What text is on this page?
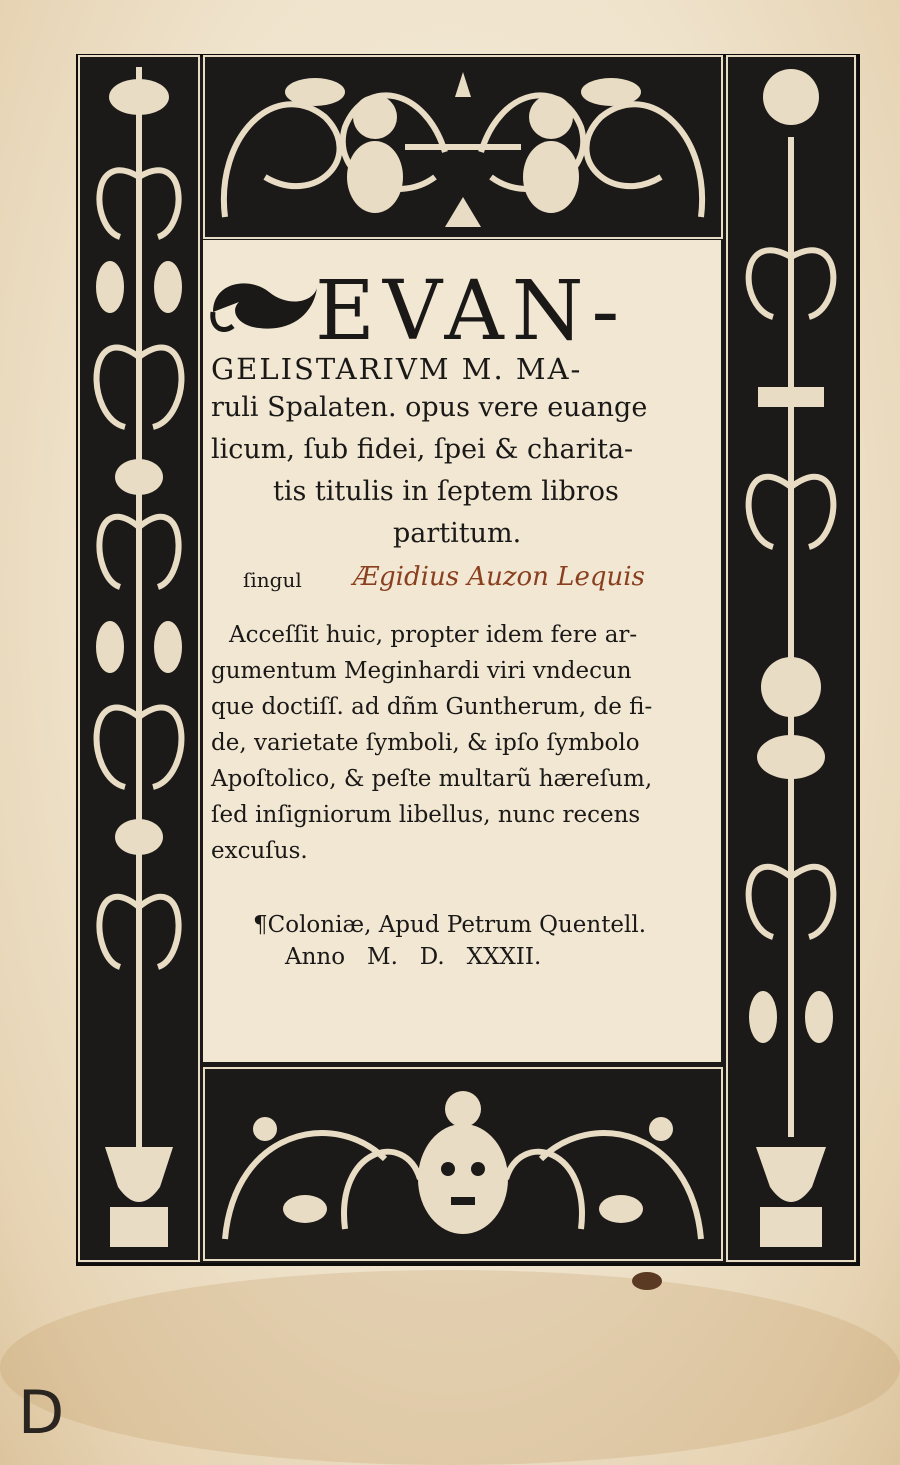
EVAN-
GELISTARIVM M. MA-
ruli Spalaten. opus vere euange
licum, ſub fidei, ſpei & charita-
tis titulis in ſeptem libros
partitum.
ſingul Ægidius Auzon Lequis
Acceſſit huic, propter idem fere ar-
gumentum Meginhardi viri vndecun
que doctiſſ. ad dñm Guntherum, de fi-
de, varietate ſymboli, & ipſo ſymbolo
Apoſtolico, & peſte multarũ hæreſum,
ſed inſigniorum libellus, nunc recens
excuſus.
¶Coloniæ, Apud Petrum Quentell.
Anno   M.   D.   XXXII.
D
